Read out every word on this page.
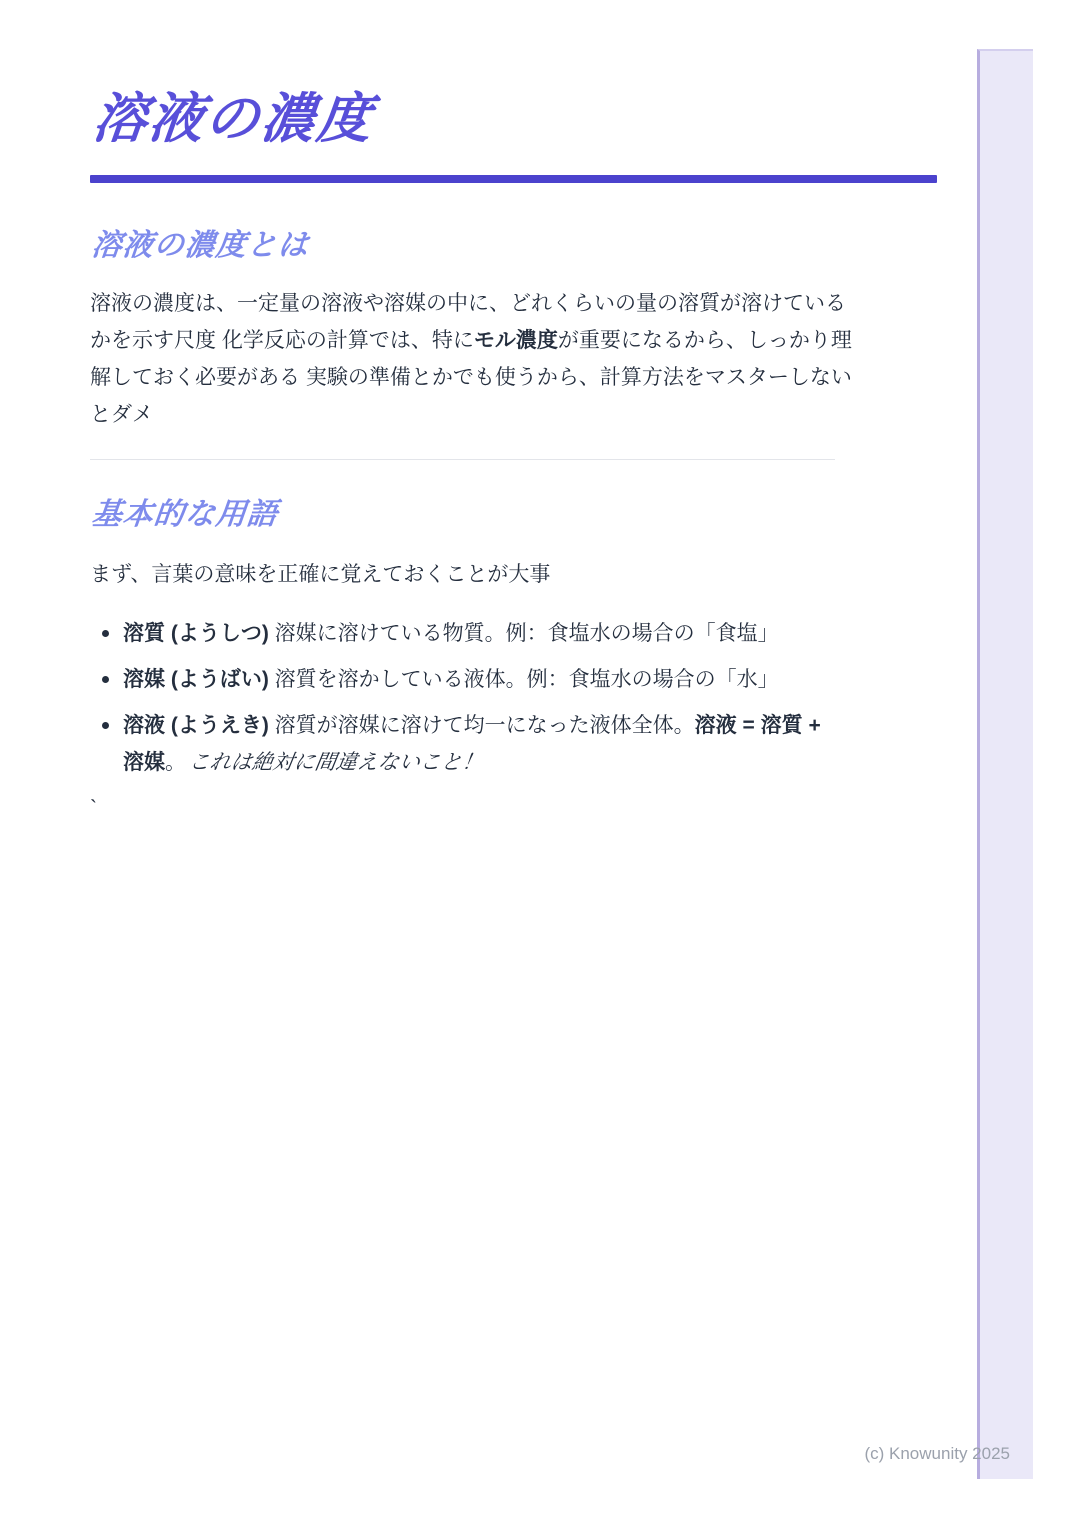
溶液の濃度
溶液の濃度とは

溶液の濃度は、一定量の溶液や溶媒の中に、どれくらいの量の溶質が溶けているかを示す尺度 化学反応の計算では、特にモル濃度が重要になるから、しっかり理解しておく必要がある 実験の準備とかでも使うから、計算方法をマスターしないとダメ

基本的な用語

まず、言葉の意味を正確に覚えておくことが大事

溶質 (ようしつ) 溶媒に溶けている物質。例：食塩水の場合の「食塩」
溶媒 (ようばい) 溶質を溶かしている液体。例：食塩水の場合の「水」
溶液 (ようえき) 溶質が溶媒に溶けて均一になった液体全体。溶液 = 溶質 + 溶媒。これは絶対に間違えないこと！
`
(c) Knowunity 2025
